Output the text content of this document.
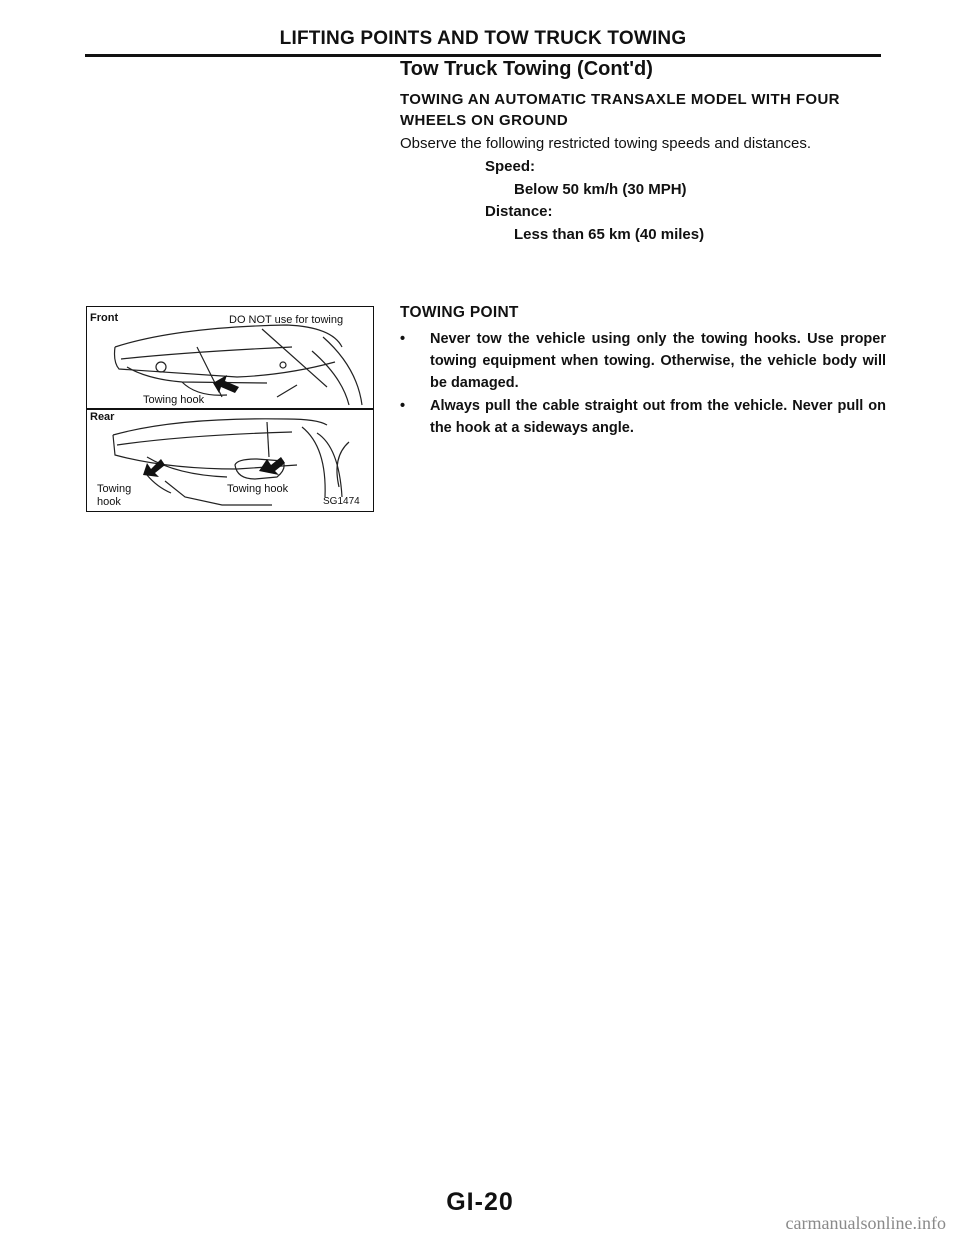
LIFTING POINTS AND TOW TRUCK TOWING
Tow Truck Towing (Cont'd)
TOWING AN AUTOMATIC TRANSAXLE MODEL WITH FOUR WHEELS ON GROUND
Observe the following restricted towing speeds and distances.
Speed:
Below 50 km/h (30 MPH)
Distance:
Less than 65 km (40 miles)
TOWING POINT
•	Never tow the vehicle using only the towing hooks. Use proper towing equipment when towing. Otherwise, the vehicle body will be damaged.
•	Always pull the cable straight out from the vehicle. Never pull on the hook at a sideways angle.
Front	DO NOT use for towing
Towing hook
Rear
Towing
hook
Towing hook
SG1474
GI-20
carmanualsonline.info
